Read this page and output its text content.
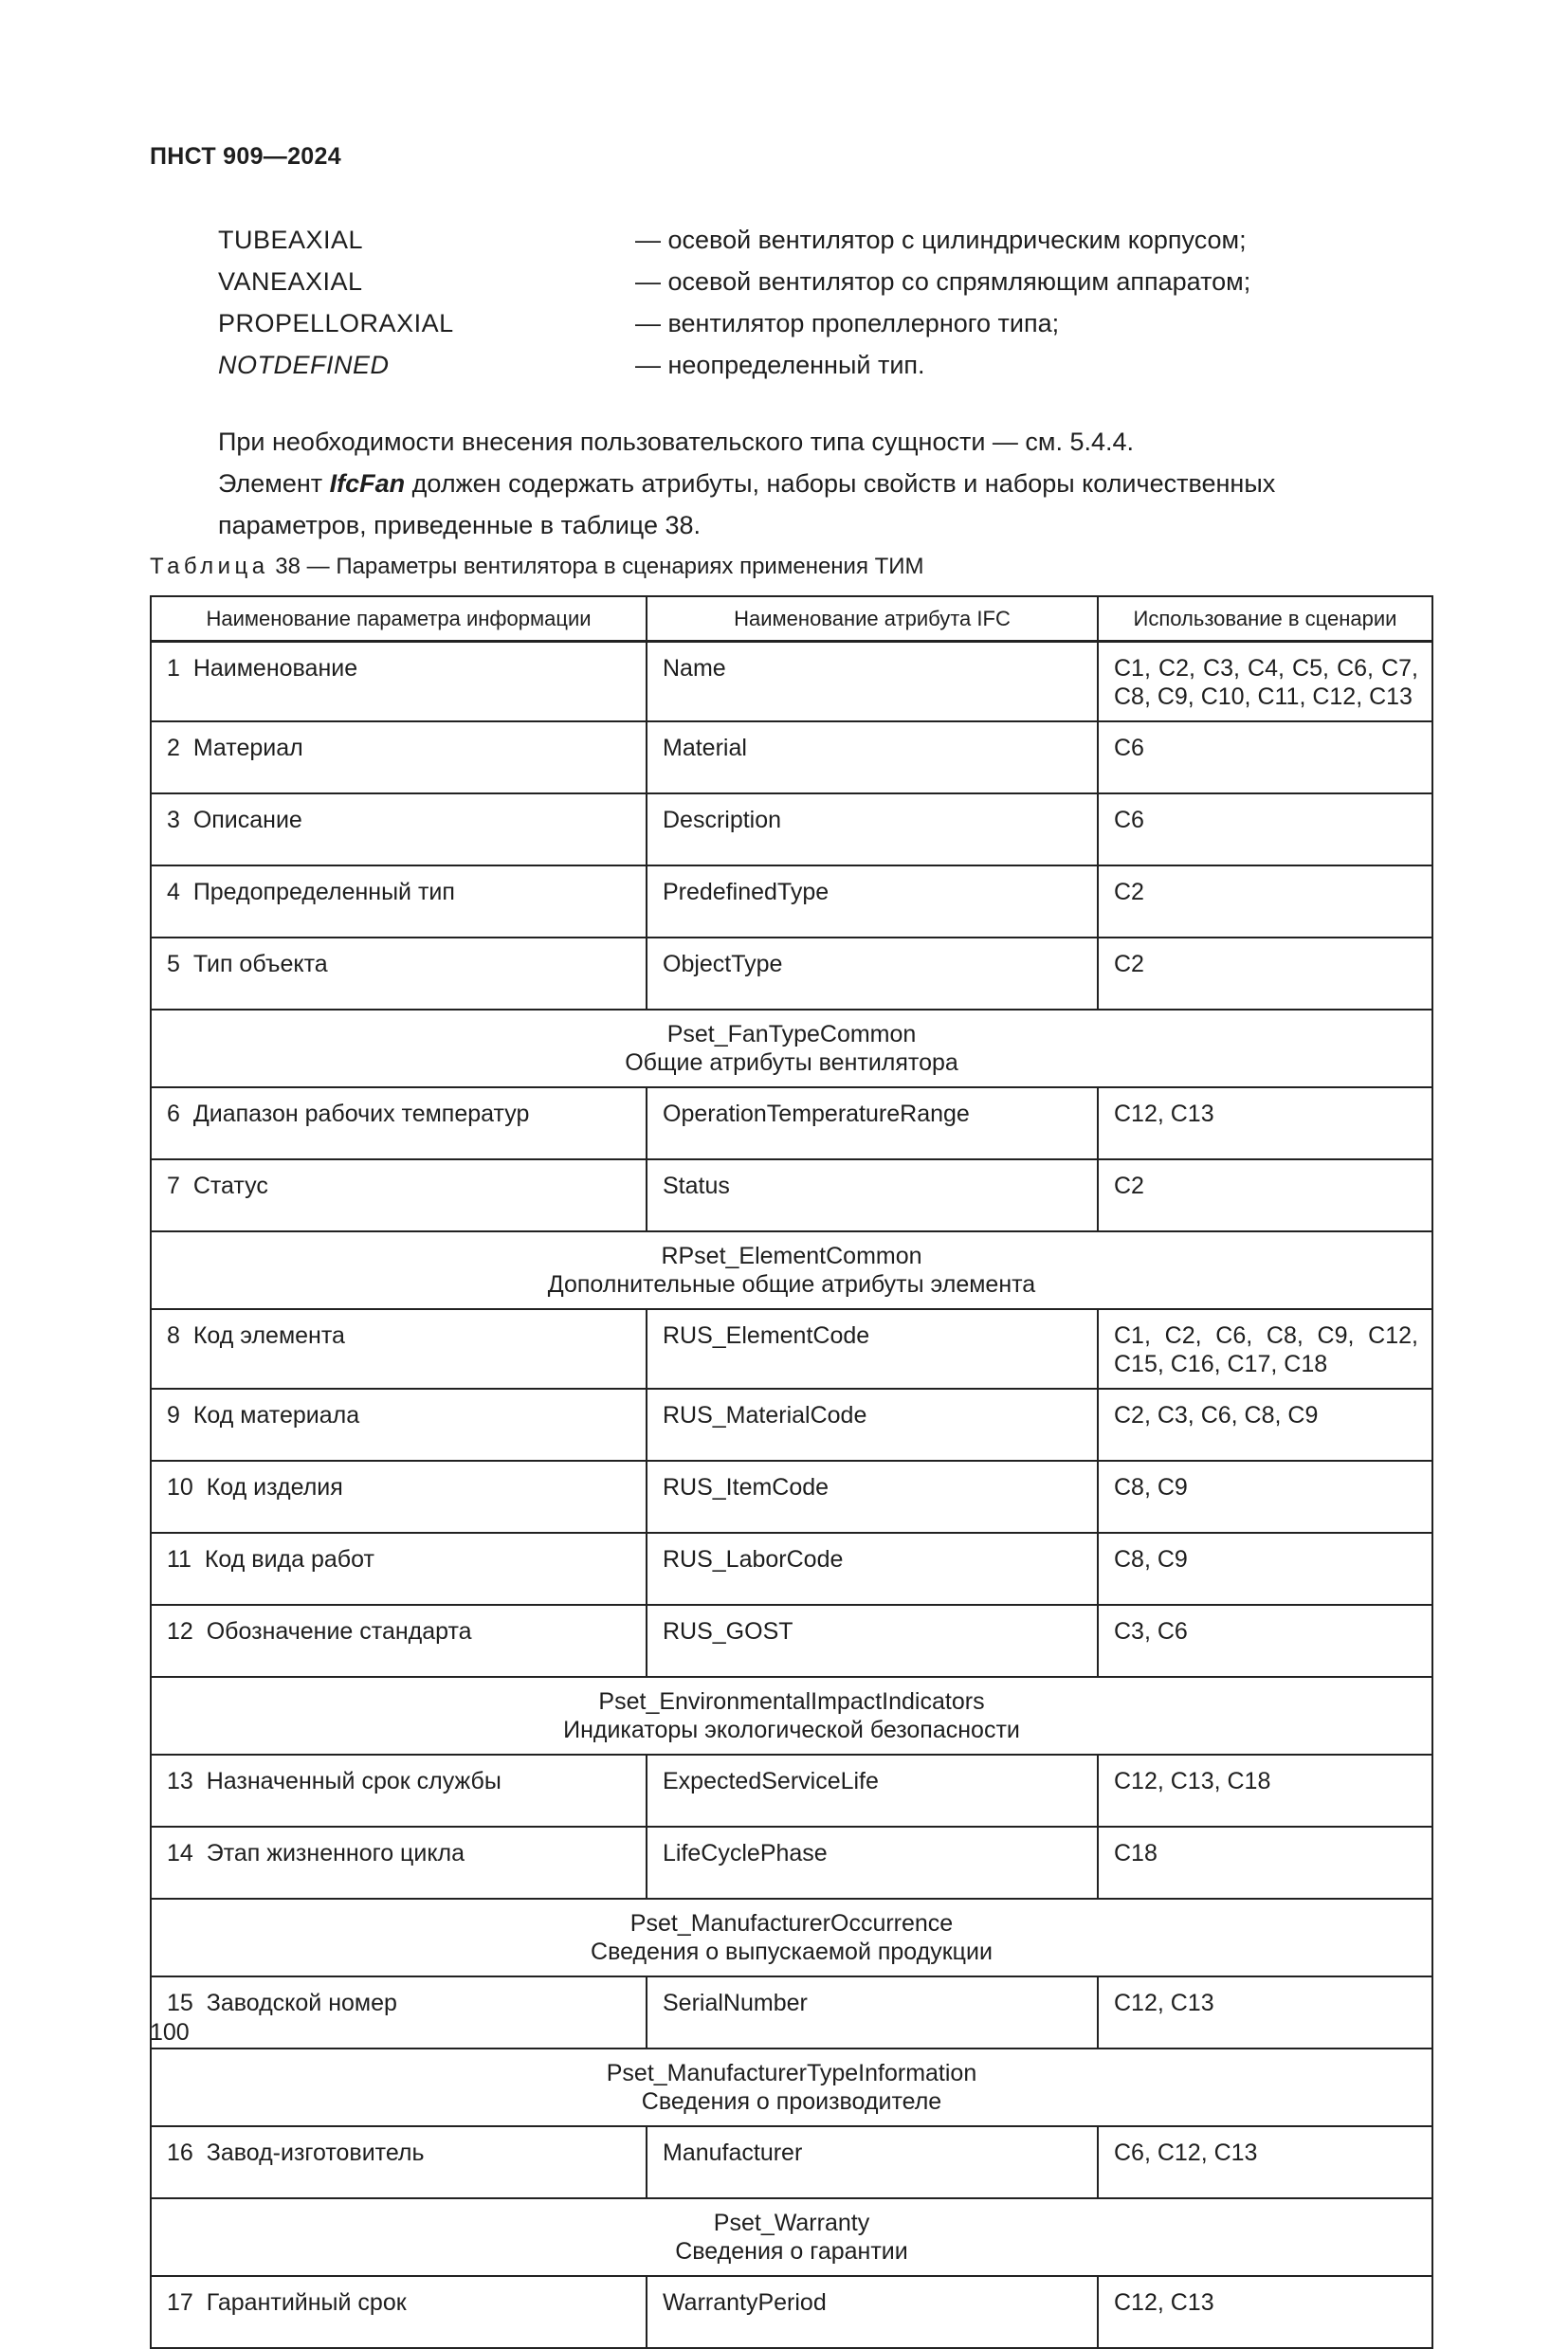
ПНСТ 909—2024
TUBEAXIAL	— осевой вентилятор с цилиндрическим корпусом;
VANEAXIAL	— осевой вентилятор со спрямляющим аппаратом;
PROPELLORAXIAL	— вентилятор пропеллерного типа;
NOTDEFINED	— неопределенный тип.
При необходимости внесения пользовательского типа сущности — см. 5.4.4.
Элемент IfcFan должен содержать атрибуты, наборы свойств и наборы количественных параметров, приведенные в таблице 38.
Таблица 38 — Параметры вентилятора в сценариях применения ТИМ
Наименование параметра информации	Наименование атрибута IFC	Использование в сценарии
1 Наименование	Name	С1, С2, С3, С4, С5, С6, С7, С8, С9, С10, С11, С12, С13
2 Материал	Material	С6
3 Описание	Description	С6
4 Предопределенный тип	PredefinedType	С2
5 Тип объекта	ObjectType	С2

Pset_FanTypeCommon
Общие атрибуты вентилятора		

6 Диапазон рабочих температур	OperationTemperatureRange	С12, С13
7 Статус	Status	С2

RPset_ElementCommon
Дополнительные общие атрибуты элемента		

8 Код элемента	RUS_ElementCode	С1, С2, С6, С8, С9, С12, С15, С16, С17, С18
9 Код материала	RUS_MaterialCode	С2, С3, С6, С8, С9
10 Код изделия	RUS_ItemCode	С8, С9
11 Код вида работ	RUS_LaborCode	С8, С9
12 Обозначение стандарта	RUS_GOST	С3, С6

Pset_EnvironmentalImpactIndicators
Индикаторы экологической безопасности		

13 Назначенный срок службы	ExpectedServiceLife	С12, С13, С18
14 Этап жизненного цикла	LifeCyclePhase	С18

Pset_ManufacturerOccurrence
Сведения о выпускаемой продукции		

15 Заводской номер	SerialNumber	С12, С13

Pset_ManufacturerTypeInformation
Сведения о производителе		

16 Завод-изготовитель	Manufacturer	С6, С12, С13

Pset_Warranty
Сведения о гарантии		

17 Гарантийный срок	WarrantyPeriod	С12, С13
100
